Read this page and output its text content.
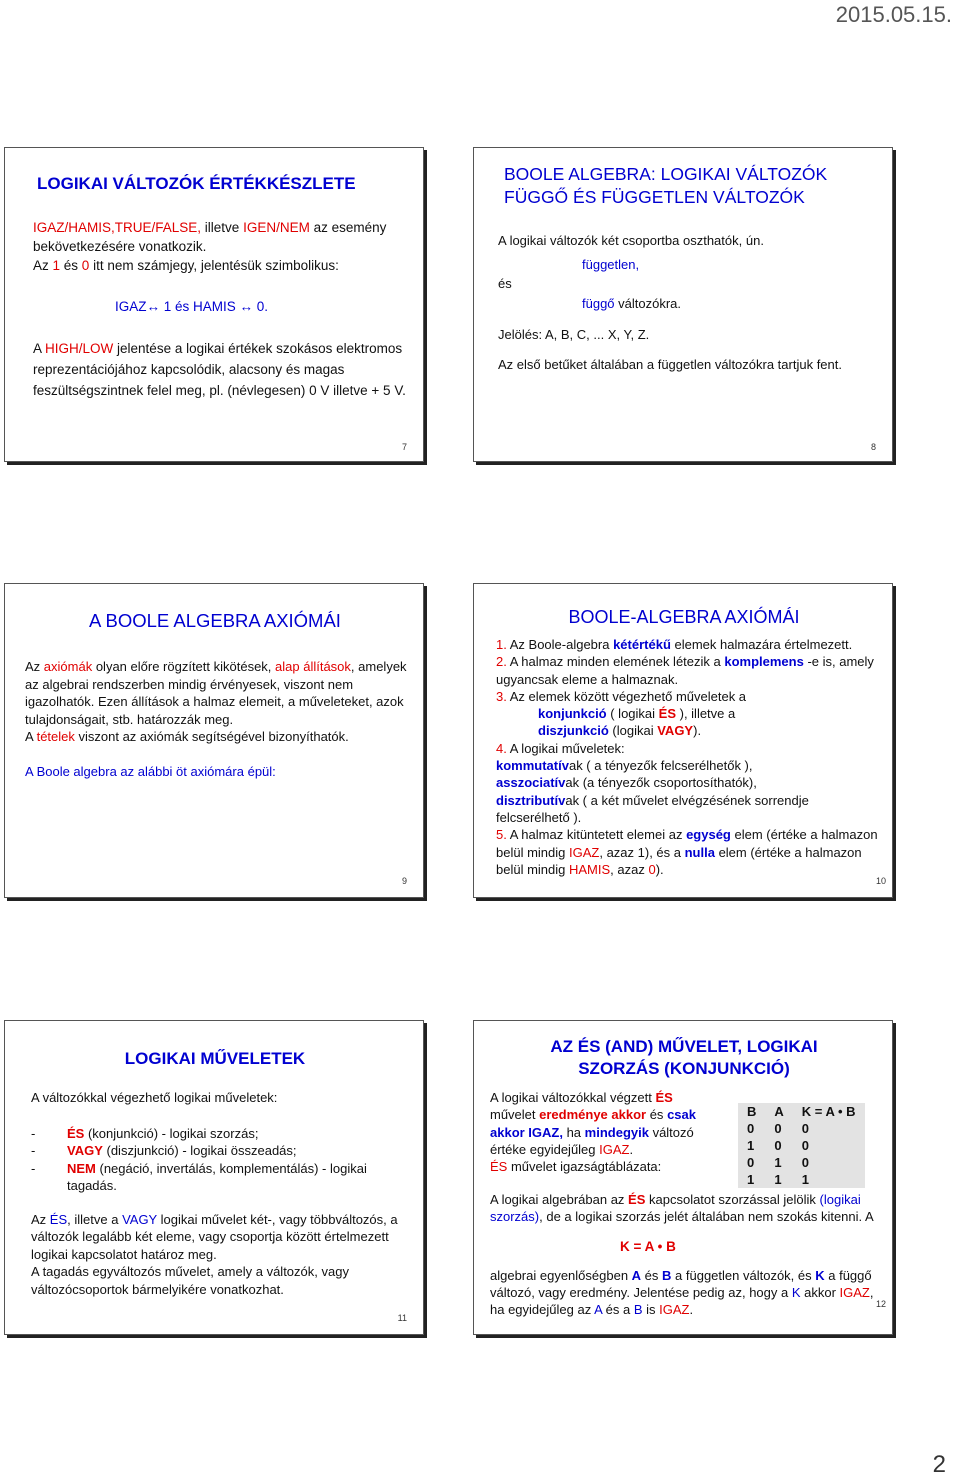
2015.05.15.
LOGIKAI VÁLTOZÓK ÉRTÉKKÉSZLETE

IGAZ/HAMIS,TRUE/FALSE, illetve IGEN/NEM az esemény bekövetkezésére vonatkozik.

Az 1 és 0 itt nem számjegy, jelentésük szimbolikus:

IGAZ↔ 1 és HAMIS ↔ 0.

A HIGH/LOW jelentése a logikai értékek szokásos elektromos reprezentációjához kapcsolódik, alacsony és magas feszültségszintnek felel meg, pl. (névlegesen) 0 V illetve + 5 V.

7
BOOLE ALGEBRA: LOGIKAI VÁLTOZÓK
FÜGGŐ ÉS FÜGGETLEN VÁLTOZÓK

A logikai változók két csoportba oszthatók, ún.

független,
és
függő változókra.

Jelölés: A, B, C, ... X, Y, Z.

Az első betűket általában a független változókra tartjuk fent.

8
A BOOLE ALGEBRA AXIÓMÁI

Az axiómák olyan előre rögzített kikötések, alap állítások, amelyek az algebrai rendszerben mindig érvényesek, viszont nem igazolhatók. Ezen állítások a halmaz elemeit, a műveleteket, azok tulajdonságait, stb. határozzák meg.

A tételek viszont az axiómák segítségével bizonyíthatók.

A Boole algebra az alábbi öt axiómára épül:

9
BOOLE-ALGEBRA AXIÓMÁI

1. Az Boole-algebra kétértékű elemek halmazára értelmezett.

2. A halmaz minden elemének létezik a komplemens -e is, amely ugyancsak eleme a halmaznak.

3. Az elemek között végezhető műveletek a

konjunkció ( logikai ÉS ), illetve a

diszjunkció (logikai VAGY).

4. A logikai műveletek:

kommutatívak ( a tényezők felcserélhetők ),

asszociatívak (a tényezők csoportosíthatók),

disztributívak ( a két művelet elvégzésének sorrendje felcserélhető ).

5. A halmaz kitüntetett elemei az egység elem (értéke a halmazon belül mindig IGAZ, azaz 1), és a nulla elem (értéke a halmazon belül mindig HAMIS, azaz 0).

10
LOGIKAI MŰVELETEK

A változókkal végezhető logikai műveletek:

-	ÉS (konjunkció) - logikai szorzás;
-	VAGY (diszjunkció) - logikai összeadás;
-	NEM (negáció, invertálás, komplementálás) - logikai tagadás.

Az ÉS, illetve a VAGY logikai művelet két-, vagy többváltozós, a változók legalább két eleme, vagy csoportja között értelmezett logikai kapcsolatot határoz meg.

A tagadás egyváltozós művelet, amely a változók, vagy változócsoportok bármelyikére vonatkozhat.

11
AZ ÉS (AND) MŰVELET, LOGIKAI
SZORZÁS (KONJUNKCIÓ)
A logikai változókkal végzett ÉS művelet eredménye akkor és csak akkor IGAZ, ha mindegyik változó értéke egyidejűleg IGAZ.
ÉS művelet igazságtáblázata:
B	A	K = A • B
0	0	0
1	0	0
0	1	0
1	1	1

A logikai algebrában az ÉS kapcsolatot szorzással jelölik (logikai szorzás), de a logikai szorzás jelét általában nem szokás kitenni. A

K = A • B

algebrai egyenlőségben A és B a független változók, és K a függő változó, vagy eredmény. Jelentése pedig az, hogy a K akkor IGAZ, ha egyidejűleg az A és a B is IGAZ.	12
2
